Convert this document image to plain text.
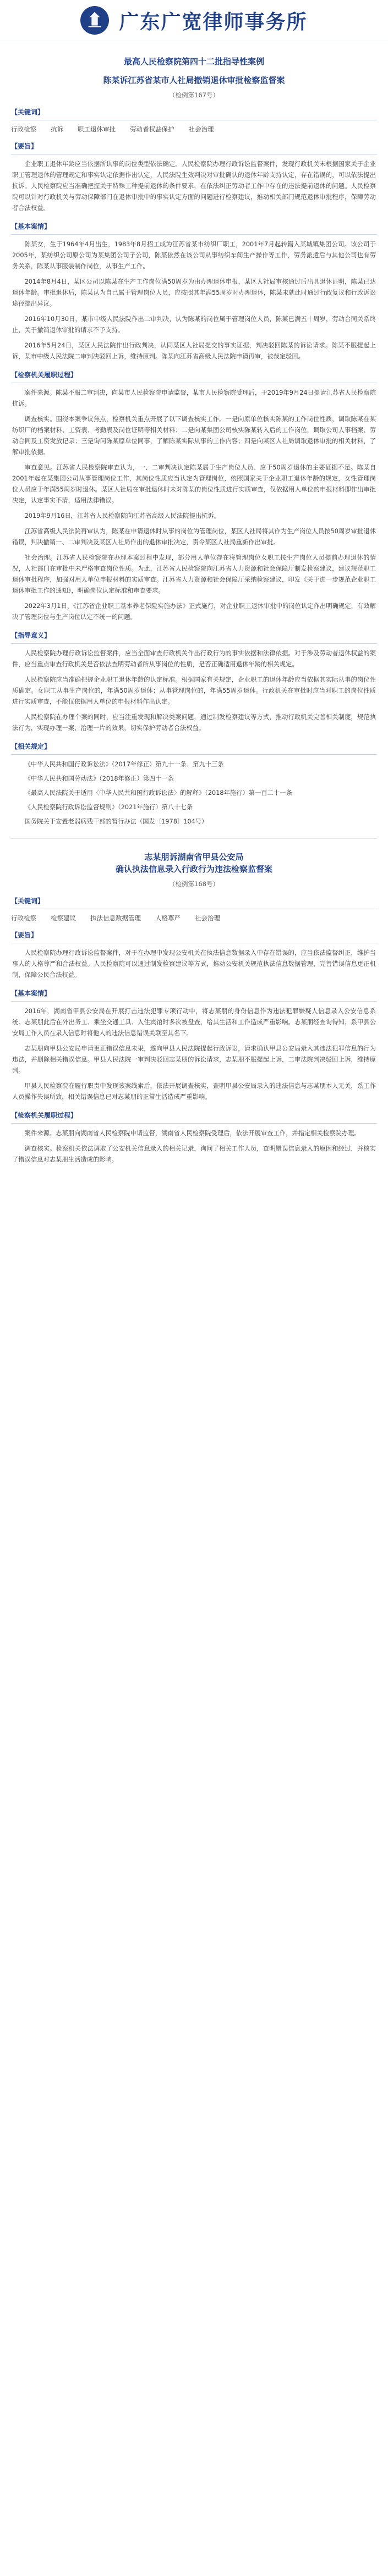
广东广宽律师事务所
最高人民检察院第四十二批指导性案例
陈某诉江苏省某市人社局撤销退休审批检察监督案
（检例第167号）
【关键词】
行政检察 抗诉 职工退休审批 劳动者权益保护 社会治理
【要旨】

企业职工退休年龄应当依据所认事的岗位类型依法确定。人民检察院办理行政诉讼监督案件，发现行政机关未根据国家关于企业职工管理退休的管理规定和事实认定依据作出认定，人民法院生效判决对审批确认的退休年龄支持认定，存在错误的，可以依法提出抗诉。人民检察院应当准确把握关于特殊工种提前退休的条件要求，在依法纠正劳动者工作中存在的违法提前退休的问题。人民检察院可以针对行政机关与劳动保障部门在退休审批中的事实认定方面的问题进行检察建议，推动相关部门规范退休审批程序，保障劳动者合法权益。

【基本案情】

陈某女，生于1964年4月出生，1983年8月招工成为江苏省某市纺织厂职工，2001年7月起转籍入某城镇集团公司。该公司于2005年，某纺织公司原公司为某集团公司子公司，陈某依然在该公司从事纺织车间生产操作等工作，劳务派遣后与其他公司也有劳务关系，陈某从事服装制作岗位，从事生产工作。

2014年8月4日，某区公司以陈某在生产工作岗位满50周岁为由办理退休申报，某区人社局审核通过后出具退休证明，陈某已达退休年龄。审批退休后，陈某认为自己属于管理岗位人员，应按照其年满55周岁时办理退休，陈某未就此时通过行政复议和行政诉讼途径提出异议。

2016年10月30日，某市中级人民法院作出二审判决，认为陈某的岗位属于管理岗位人员，陈某已满五十周岁，劳动合同关系终止，关于撤销退休审批的请求不予支持。

2016年5月24日，某区人民法院作出行政判决，认同某区人社局提交的事实证据，判决驳回陈某的诉讼请求。陈某不服提起上诉，某市中级人民法院二审判决驳回上诉，维持原判。陈某向江苏省高级人民法院申请再审，被裁定驳回。

【检察机关履职过程】

案件来源。陈某不服二审判决，向某市人民检察院申请监督，某市人民检察院受理后，于2019年9月24日提请江苏省人民检察院抗诉。

调查核实。围绕本案争议焦点，检察机关重点开展了以下调查核实工作。一是向原单位核实陈某的工作岗位性质，调取陈某在某纺织厂的档案材料、工资表、考勤表及岗位证明等相关材料；二是向某集团公司核实陈某转入后的工作岗位，调取公司人事档案、劳动合同及工资发放记录；三是询问陈某原单位同事，了解陈某实际从事的工作内容；四是向某区人社局调取退休审批的相关材料，了解审批依据。

审查意见。江苏省人民检察院审查认为，一、二审判决认定陈某属于生产岗位人员、应于50周岁退休的主要证据不足。陈某自2001年起在某集团公司从事管理岗位工作，其岗位性质应当认定为管理岗位，依照国家关于企业职工退休年龄的规定，女性管理岗位人员应于年满55周岁时退休。某区人社局在审批退休时未对陈某的岗位性质进行实质审查，仅依据用人单位的申报材料即作出审批决定，认定事实不清，适用法律错误。

2019年9月16日，江苏省人民检察院向江苏省高级人民法院提出抗诉。

江苏省高级人民法院再审认为，陈某在申请退休时从事的岗位为管理岗位，某区人社局将其作为生产岗位人员按50周岁审批退休错误，判决撤销一、二审判决及某区人社局作出的退休审批决定，责令某区人社局重新作出审批。

社会治理。江苏省人民检察院在办理本案过程中发现，部分用人单位存在将管理岗位女职工按生产岗位人员提前办理退休的情况，人社部门在审批中未严格审查岗位性质。为此，江苏省人民检察院向江苏省人力资源和社会保障厅制发检察建议，建议规范职工退休审批程序，加强对用人单位申报材料的实质审查。江苏省人力资源和社会保障厅采纳检察建议，印发《关于进一步规范企业职工退休审批工作的通知》，明确岗位认定标准和审查要求。

2022年3月1日，《江苏省企业职工基本养老保险实施办法》正式施行，对企业职工退休审批中的岗位认定作出明确规定，有效解决了管理岗位与生产岗位认定不统一的问题。

【指导意义】

人民检察院办理行政诉讼监督案件，应当全面审查行政机关作出行政行为的事实依据和法律依据。对于涉及劳动者退休权益的案件，应当重点审查行政机关是否依法查明劳动者所从事岗位的性质，是否正确适用退休年龄的相关规定。

人民检察院应当准确把握企业职工退休年龄的认定标准。根据国家有关规定，企业职工的退休年龄应当依据其实际从事的岗位性质确定。女职工从事生产岗位的，年满50周岁退休；从事管理岗位的，年满55周岁退休。行政机关在审批时应当对职工的岗位性质进行实质审查，不能仅依据用人单位的申报材料作出认定。

人民检察院在办理个案的同时，应当注重发现和解决类案问题，通过制发检察建议等方式，推动行政机关完善相关制度，规范执法行为，实现办理一案、治理一片的效果，切实保护劳动者合法权益。

【相关规定】

《中华人民共和国行政诉讼法》（2017年修正）第九十一条、第九十三条

《中华人民共和国劳动法》（2018年修正）第四十一条

《最高人民法院关于适用〈中华人民共和国行政诉讼法〉的解释》（2018年施行）第一百二十一条

《人民检察院行政诉讼监督规则》（2021年施行）第八十七条

国务院关于安置老弱病残干部的暂行办法（国发〔1978〕104号）

志某朋诉湖南省甲县公安局
确认执法信息录入行政行为违法检察监督案
（检例第168号）
【关键词】
行政检察 检察建议 执法信息数据管理 人格尊严 社会治理
【要旨】

人民检察院办理行政诉讼监督案件，对于在办理中发现公安机关在执法信息数据录入中存在错误的，应当依法监督纠正，维护当事人的人格尊严和合法权益。人民检察院可以通过制发检察建议等方式，推动公安机关规范执法信息数据管理，完善错误信息更正机制，保障公民合法权益。

【基本案情】

2016年，湖南省甲县公安局在开展打击违法犯罪专项行动中，将志某朋的身份信息作为违法犯罪嫌疑人信息录入公安信息系统。志某朋此后在外出务工、乘坐交通工具、入住宾馆时多次被盘查，给其生活和工作造成严重影响。志某朋经查询得知，系甲县公安局工作人员在录入信息时将他人的违法信息错误关联至其名下。

志某朋向甲县公安局申请更正错误信息未果，遂向甲县人民法院提起行政诉讼，请求确认甲县公安局录入其违法犯罪信息的行为违法，并删除相关错误信息。甲县人民法院一审判决驳回志某朋的诉讼请求，志某朋不服提起上诉，二审法院判决驳回上诉，维持原判。

甲县人民检察院在履行职责中发现该案线索后，依法开展调查核实，查明甲县公安局录入的违法信息与志某朋本人无关，系工作人员操作失误所致，相关错误信息已对志某朋的正常生活造成严重影响。

【检察机关履职过程】

案件来源。志某朋向湖南省人民检察院申请监督，湖南省人民检察院受理后，依法开展审查工作，并指定相关检察院办理。

调查核实。检察机关依法调取了公安机关信息录入的相关记录，询问了相关工作人员，查明错误信息录入的原因和经过，并核实了错误信息对志某朋生活造成的影响。
